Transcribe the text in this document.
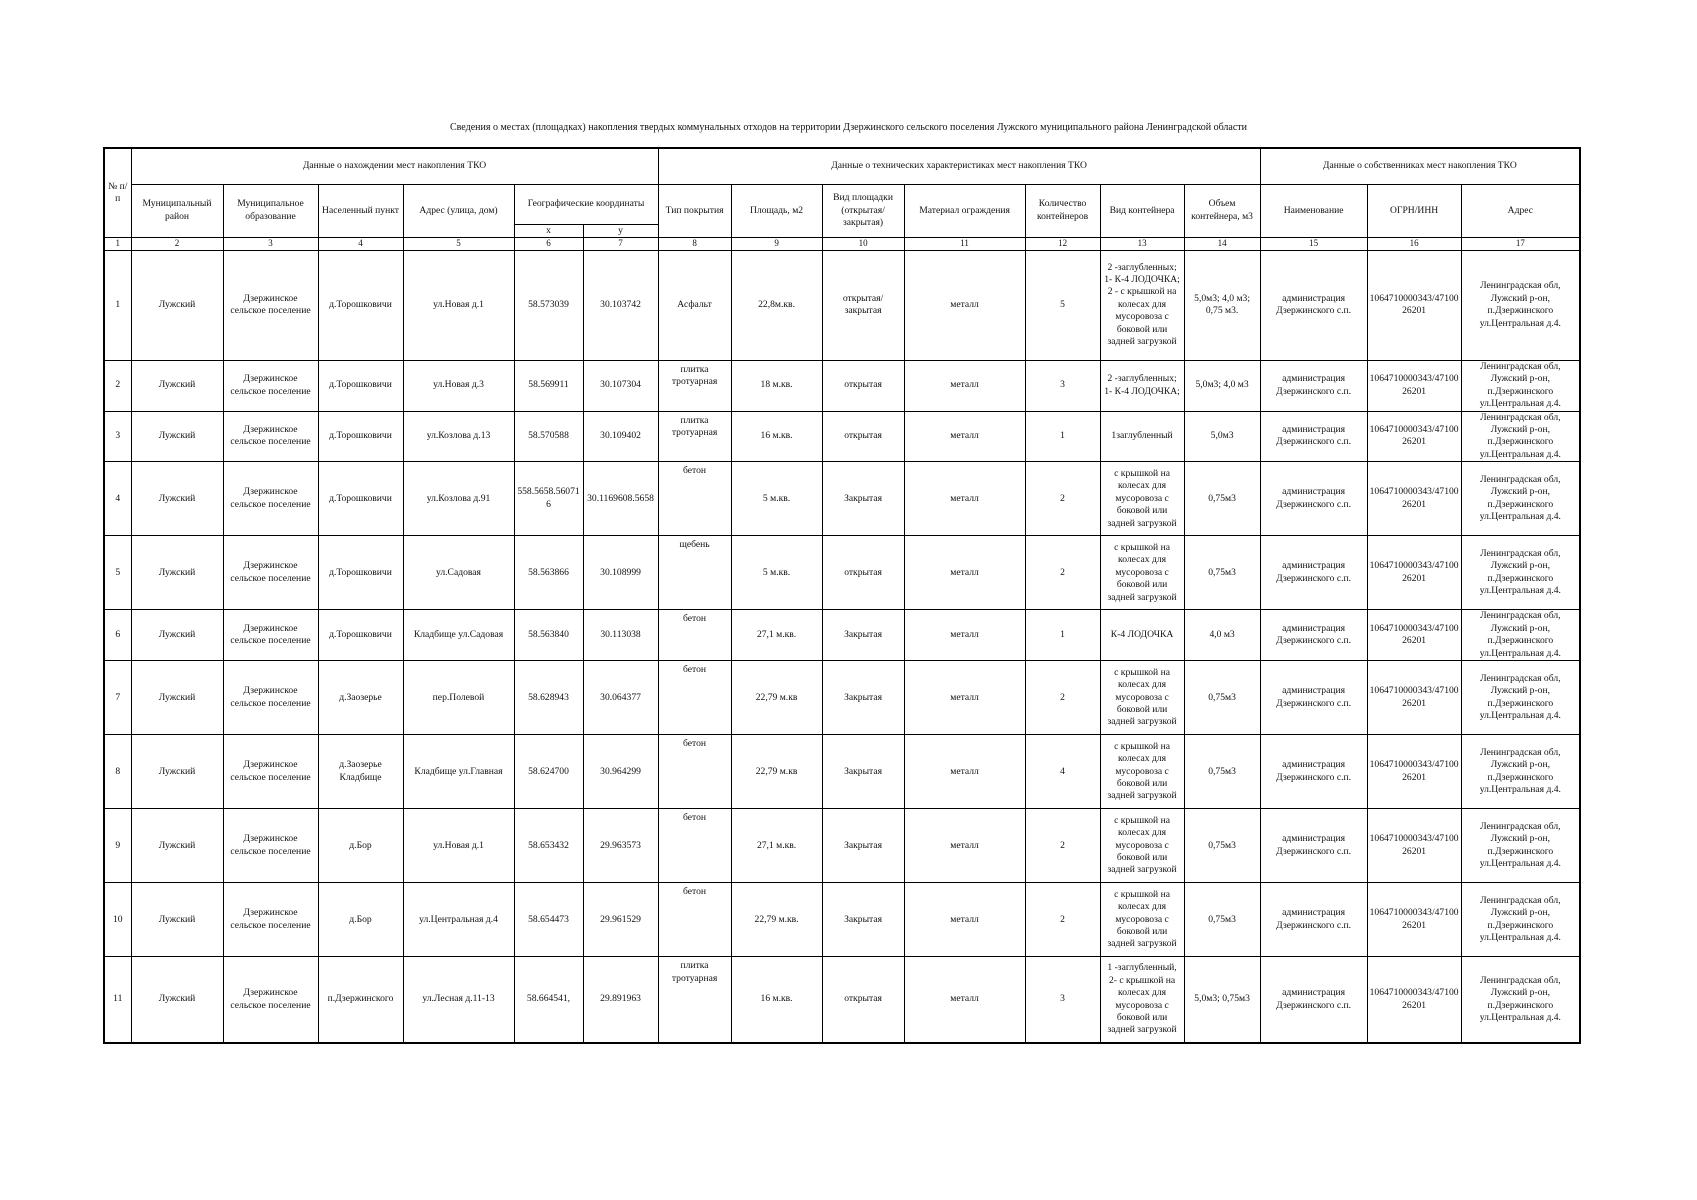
Сведения о местах (площадках) накопления твердых коммунальных отходов на территории Дзержинского сельского поселения Лужского муниципального района Ленинградской области
№ п/п	Данные о нахождении мест накопления ТКО						Данные о технических характеристиках мест накопления ТКО							Данные о собственниках мест накопления ТКО		
	Муниципальный район	Муниципальное образование	Населенный пункт	Адрес (улица, дом)	Географические координаты		Тип покрытия	Площадь, м2	Вид площадки (открытая/закрытая)	Материал ограждения	Количество контейнеров	Вид контейнера	Объем контейнера, м3	Наименование	ОГРН/ИНН	Адрес
					x	y										
1	2	3	4	5	6	7	8	9	10	11	12	13	14	15	16	17
1	Лужский	Дзержинское сельское поселение	д.Торошковичи	ул.Новая д.1	58.573039	30.103742	Асфальт	22,8м.кв.	открытая/ закрытая	металл	5	2 -заглубленных; 1- К-4 ЛОДОЧКА; 2 - с крышкой на колесах для мусоровоза с боковой или задней загрузкой	5,0м3; 4,0 м3; 0,75 м3.	администрация Дзержинского с.п.	1064710000343/4710026201	Ленинградская обл, Лужский р-он, п.Дзержинского ул.Центральная д.4.
2	Лужский	Дзержинское сельское поселение	д.Торошковичи	ул.Новая д.3	58.569911	30.107304	плитка тротуарная	18 м.кв.	открытая	металл	3	2 -заглубленных; 1- К-4 ЛОДОЧКА;	5,0м3; 4,0 м3	администрация Дзержинского с.п.	1064710000343/4710026201	Ленинградская обл, Лужский р-он, п.Дзержинского ул.Центральная д.4.
3	Лужский	Дзержинское сельское поселение	д.Торошковичи	ул.Козлова д.13	58.570588	30.109402	плитка тротуарная	16 м.кв.	открытая	металл	1	1заглубленный	5,0м3	администрация Дзержинского с.п.	1064710000343/4710026201	Ленинградская обл, Лужский р-он, п.Дзержинского ул.Центральная д.4.
4	Лужский	Дзержинское сельское поселение	д.Торошковичи	ул.Козлова д.91	558.5658.560716	30.1169608.5658	бетон	5 м.кв.	Закрытая	металл	2	с крышкой на колесах для мусоровоза с боковой или задней загрузкой	0,75м3	администрация Дзержинского с.п.	1064710000343/4710026201	Ленинградская обл, Лужский р-он, п.Дзержинского ул.Центральная д.4.
5	Лужский	Дзержинское сельское поселение	д.Торошковичи	ул.Садовая	58.563866	30.108999	щебень	5 м.кв.	открытая	металл	2	с крышкой на колесах для мусоровоза с боковой или задней загрузкой	0,75м3	администрация Дзержинского с.п.	1064710000343/4710026201	Ленинградская обл, Лужский р-он, п.Дзержинского ул.Центральная д.4.
6	Лужский	Дзержинское сельское поселение	д.Торошковичи	Кладбище ул.Садовая	58.563840	30.113038	бетон	27,1 м.кв.	Закрытая	металл	1	К-4 ЛОДОЧКА	4,0 м3	администрация Дзержинского с.п.	1064710000343/4710026201	Ленинградская обл, Лужский р-он, п.Дзержинского ул.Центральная д.4.
7	Лужский	Дзержинское сельское поселение	д.Заозерье	пер.Полевой	58.628943	30.064377	бетон	22,79 м.кв	Закрытая	металл	2	с крышкой на колесах для мусоровоза с боковой или задней загрузкой	0,75м3	администрация Дзержинского с.п.	1064710000343/4710026201	Ленинградская обл, Лужский р-он, п.Дзержинского ул.Центральная д.4.
8	Лужский	Дзержинское сельское поселение	д.Заозерье Кладбище	Кладбище ул.Главная	58.624700	30.964299	бетон	22,79 м.кв	Закрытая	металл	4	с крышкой на колесах для мусоровоза с боковой или задней загрузкой	0,75м3	администрация Дзержинского с.п.	1064710000343/4710026201	Ленинградская обл, Лужский р-он, п.Дзержинского ул.Центральная д.4.
9	Лужский	Дзержинское сельское поселение	д.Бор	ул.Новая д.1	58.653432	29.963573	бетон	27,1 м.кв.	Закрытая	металл	2	с крышкой на колесах для мусоровоза с боковой или задней загрузкой	0,75м3	администрация Дзержинского с.п.	1064710000343/4710026201	Ленинградская обл, Лужский р-он, п.Дзержинского ул.Центральная д.4.
10	Лужский	Дзержинское сельское поселение	д.Бор	ул.Центральная д.4	58.654473	29.961529	бетон	22,79 м.кв.	Закрытая	металл	2	с крышкой на колесах для мусоровоза с боковой или задней загрузкой	0,75м3	администрация Дзержинского с.п.	1064710000343/4710026201	Ленинградская обл, Лужский р-он, п.Дзержинского ул.Центральная д.4.
11	Лужский	Дзержинское сельское поселение	п.Дзержинского	ул.Лесная д.11-13	58.664541,	29.891963	плитка тротуарная	16 м.кв.	открытая	металл	3	1 -заглубленный, 2- с крышкой на колесах для мусоровоза с боковой или задней загрузкой	5,0м3; 0,75м3	администрация Дзержинского с.п.	1064710000343/4710026201	Ленинградская обл, Лужский р-он, п.Дзержинского ул.Центральная д.4.
